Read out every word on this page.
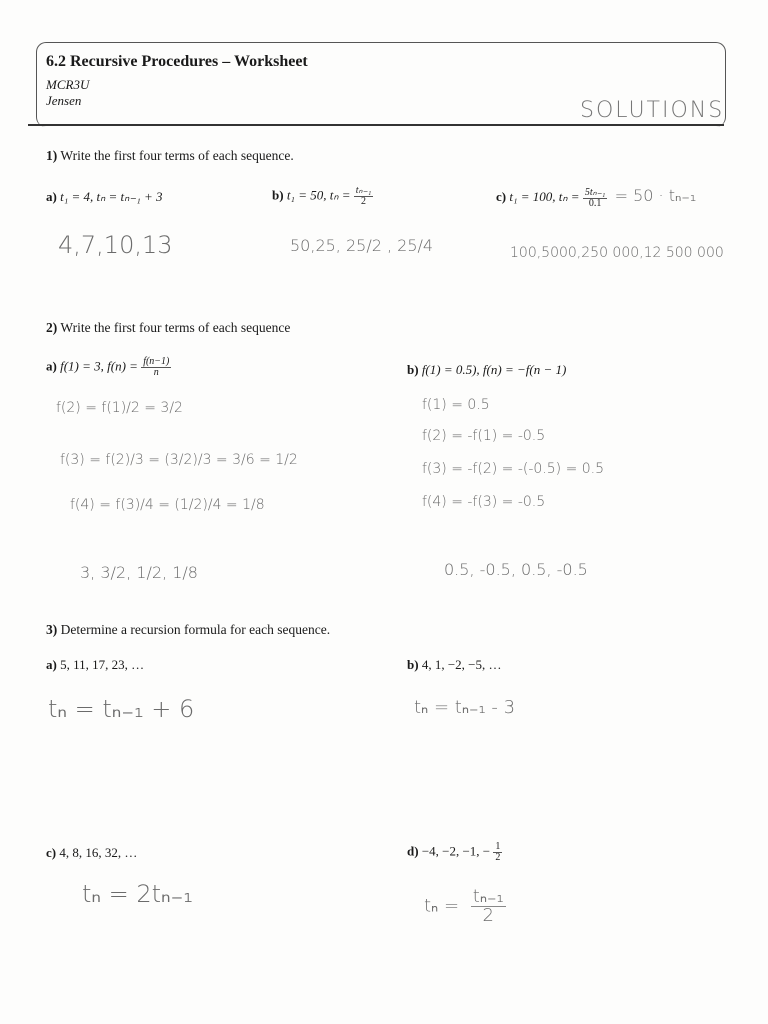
6.2 Recursive Procedures – Worksheet
MCR3U
Jensen	SOLUTIONS
1) Write the first four terms of each sequence.
a) t₁ = 4, tₙ = tₙ₋₁ + 3
4,7,10,13
b) t₁ = 50, $t_n = \frac{\text{tₙ₋₁}}{2}$
50,25, 25/2 , 25/4
c) t₁ = 100, $t_n = \frac{\text{5tₙ₋₁}}{0.1} = 50 \cdot t_{n-1}$
100,5000,250 000,12 500 000
2) Write the first four terms of each sequence
a) f(1) = 3, $f(n) = \frac{f(n-1)}{n}$
f(2) = f(1)/2 = 3/2
f(3) = f(2)/3 = (3/2)/3 = 3/6 = 1/2
f(4) = f(3)/4 = (1/2)/4 = 1/8
3, 3/2, 1/2, 1/8
b) f(1) = 0.5), f(n) = −f(n − 1)
f(1) = 0.5
f(2) = -f(1) = -0.5
f(3) = -f(2) = -(-0.5) = 0.5
f(4) = -f(3) = -0.5
0.5, -0.5, 0.5, -0.5
3) Determine a recursion formula for each sequence.
a) 5, 11, 17, 23, …
tₙ = tₙ₋₁ + 6
b) 4, 1, −2, −5, …
tₙ = tₙ₋₁ - 3
c) 4, 8, 16, 32, …
tₙ = 2tₙ₋₁
d) −4, −2, −1, − $\frac{1}{2}$
$t_n = \frac{\text{tₙ₋₁}}{2}$
